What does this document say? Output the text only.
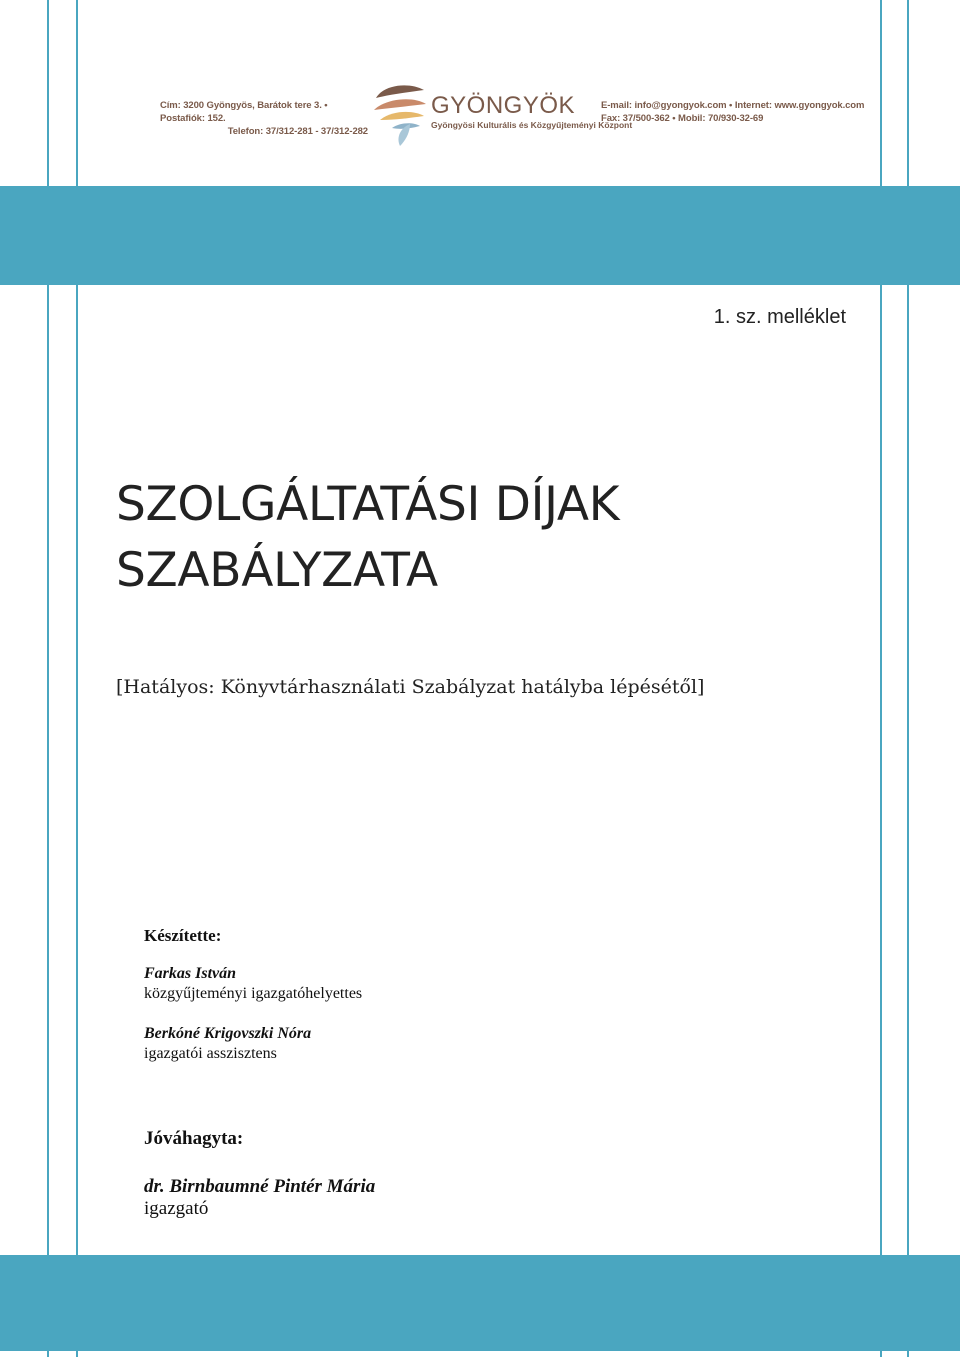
Cím: 3200 Gyöngyös, Barátok tere 3. • Postafiók: 152.
Telefon: 37/312-281 - 37/312-282
GYÖNGYÖK
Gyöngyösi Kulturális és Közgyűjteményi Központ
E-mail: info@gyongyok.com • Internet: www.gyongyok.com
Fax: 37/500-362 • Mobil: 70/930-32-69
1. sz. melléklet
SZOLGÁLTATÁSI DÍJAK
SZABÁLYZATA
[Hatályos: Könyvtárhasználati Szabályzat hatályba lépésétől]
Készítette:
Farkas István
közgyűjteményi igazgatóhelyettes
Berkóné Krigovszki Nóra
igazgatói asszisztens
Jóváhagyta:
dr. Birnbaumné Pintér Mária
igazgató
